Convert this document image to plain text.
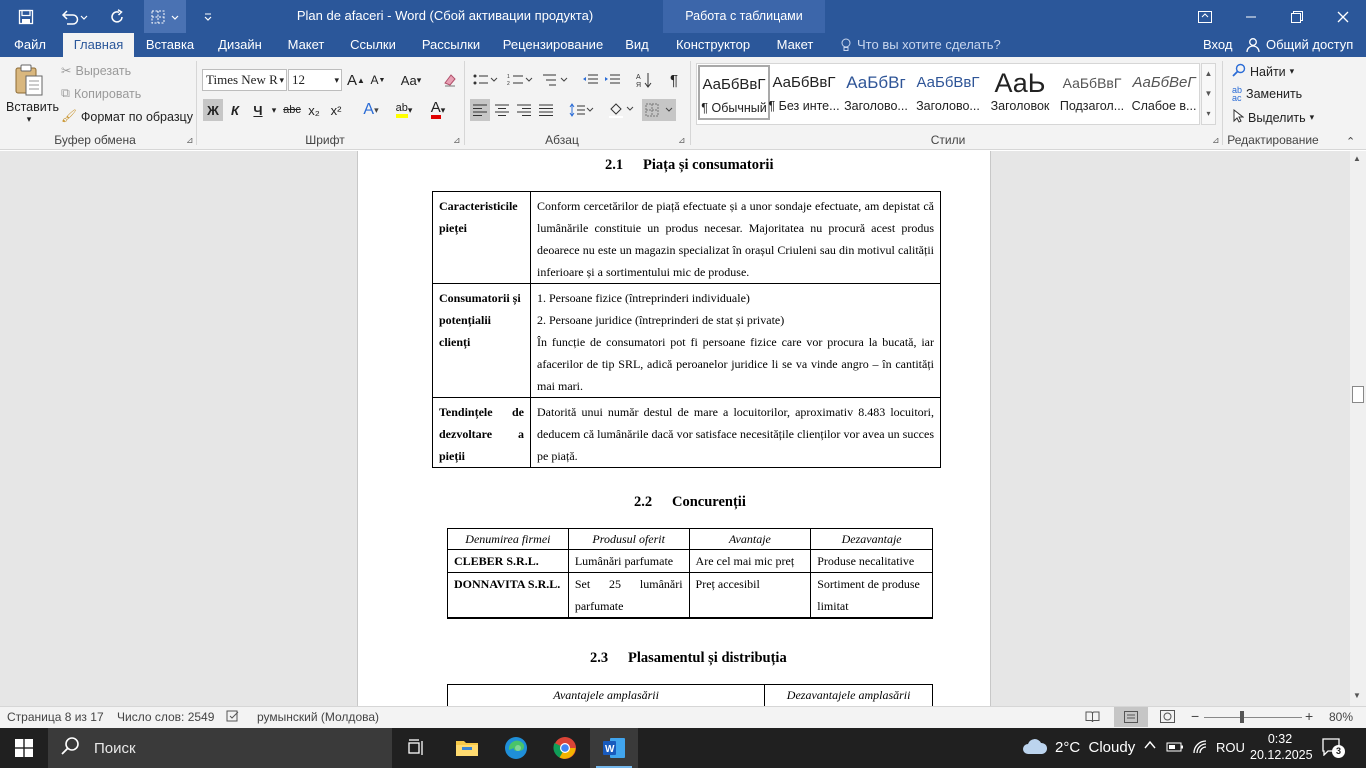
Plan de afaceri - Word (Сбой активации продукта)	Работа с таблицами
Файл	Главная	Вставка	Дизайн	Макет	Ссылки	Рассылки	Рецензирование	Вид	Конструктор	Макет	Что вы хотите сделать?	Вход	Общий доступ
Вставить
▾
✂ Вырезать
⧉ Копировать
🖌 Формат по образцу
Буфер обмена	⊿
Times New R ▾ 12	▾ A ▲ A ▼ Aa ▾
Ж К	Ч	▾ abc x₂ x² A ▾ ab ▾ A ▾
Шрифт	⊿
1
2
A
Я	¶
Абзац	⊿
АаБбВвГ
¶ Обычный
АаБбВвГ
¶ Без инте...
АаБбВг
Заголово...
АаБбВвГ
Заголово...
АаЬ
Заголовок
АаБбВвГ
Подзагол...
АаБбВеГ
Слабое в...
▲
▼
▾
Стили	⊿
Найти ▾
ab
ac Заменить
Выделить ▾
Редактирование ⌃
2.1 Piața și consumatorii
Caracteristicile pieței	Conform cercetărilor de piață efectuate și a unor sondaje efectuate, am depistat că lumânările constituie un produs necesar. Majoritatea nu procură acest produs deoarece nu este un magazin specializat în orașul Criuleni sau din motivul calității inferioare și a sortimentului mic de produse.
Consumatorii și potențialii clienți	1. Persoane fizice (întreprinderi individuale)
2. Persoane juridice (întreprinderi de stat și private)
În funcție de consumatori pot fi persoane fizice care vor procura la bucată, iar afacerilor de tip SRL, adică peroanelor juridice li se va vinde angro – în cantități mai mari.

Tendințele de dezvoltare a pieții	Datorită unui număr destul de mare a locuitorilor, aproximativ 8.483 locuitori, deducem că lumânările dacă vor satisface necesitățile clienților vor avea un succes pe piață.
2.2 Concurenții
Denumirea firmei	Produsul oferit	Avantaje	Dezavantaje
CLEBER S.R.L.	Lumânări parfumate	Are cel mai mic preț	Produse necalitative
DONNAVITA S.R.L.	Set 25 lumânări parfumate	Preț accesibil	Sortiment de produse limitat
2.3 Plasamentul și distribuția
Avantajele amplasării	Dezavantajele amplasării
▲
▼
Страница 8 из 17 Число слов: 2549	румынский (Молдова)	−	+ 80%
Поиск	W	2°C  Cloudy	ROU
0:32
20.12.2025	3
